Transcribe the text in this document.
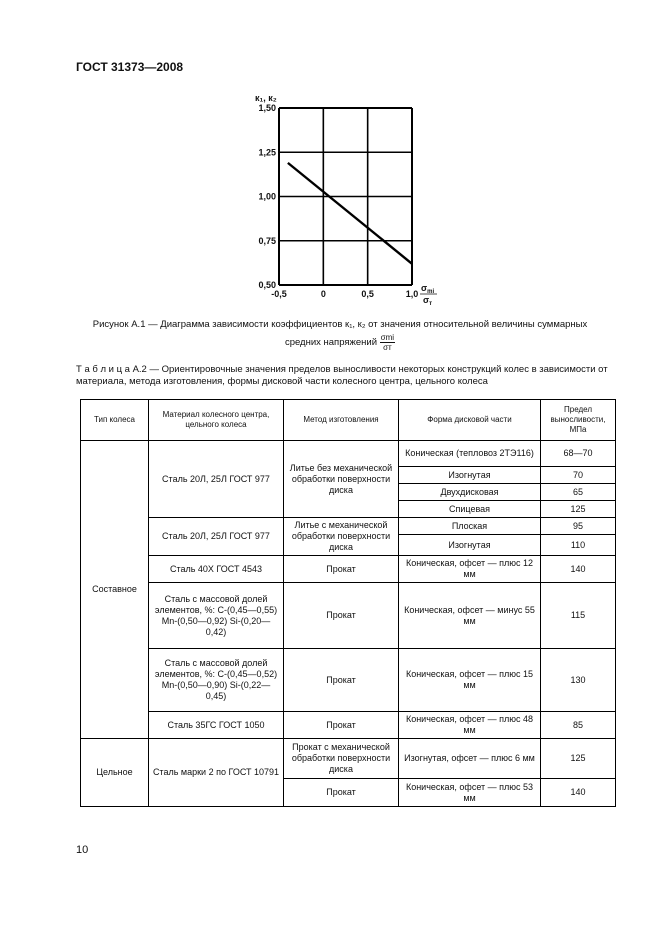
ГОСТ 31373—2008
-0,5	0	0,5	1,0
0,50
0,75
1,00
1,25
1,50
к₁, к₂
$\sigma_{mi}$
$\sigma_т$
Рисунок А.1 — Диаграмма зависимости коэффициентов к₁, к₂ от значения относительной величины суммарных
средних напряжений $\frac{\text{σmi}}{\sigma т}$
Т а б л и ц а А.2 — Ориентировочные значения пределов выносливости некоторых конструкций колес в зависимости от материала, метода изготовления, формы дисковой части колесного центра, цельного колеса
Тип колеса	Материал колесного центра, цельного колеса	Метод изготовления	Форма дисковой части	Предел выносливости, МПа
Составное	Сталь 20Л, 25Л ГОСТ 977	Литье без механической обработки поверхности диска	Коническая (тепловоз 2ТЭ116)	68—70
			Изогнутая	70
			Двухдисковая	65
			Спицевая	125
	Сталь 20Л, 25Л ГОСТ 977	Литье с механической обработки поверхности диска	Плоская	95
			Изогнутая	110
	Сталь 40Х ГОСТ 4543	Прокат	Коническая, офсет — плюс 12 мм	140
	Сталь с массовой долей элементов, %: С-(0,45—0,55) Mn-(0,50—0,92) Si-(0,20—0,42)	Прокат	Коническая, офсет — минус 55 мм	115
	Сталь с массовой долей элементов, %: С-(0,45—0,52) Mn-(0,50—0,90) Si-(0,22—0,45)	Прокат	Коническая, офсет — плюс 15 мм	130
	Сталь 35ГС ГОСТ 1050	Прокат	Коническая, офсет — плюс 48 мм	85
Цельное	Сталь марки 2 по ГОСТ 10791	Прокат с механической обработки поверхности диска	Изогнутая, офсет — плюс 6 мм	125
		Прокат	Коническая, офсет — плюс 53 мм	140
10
